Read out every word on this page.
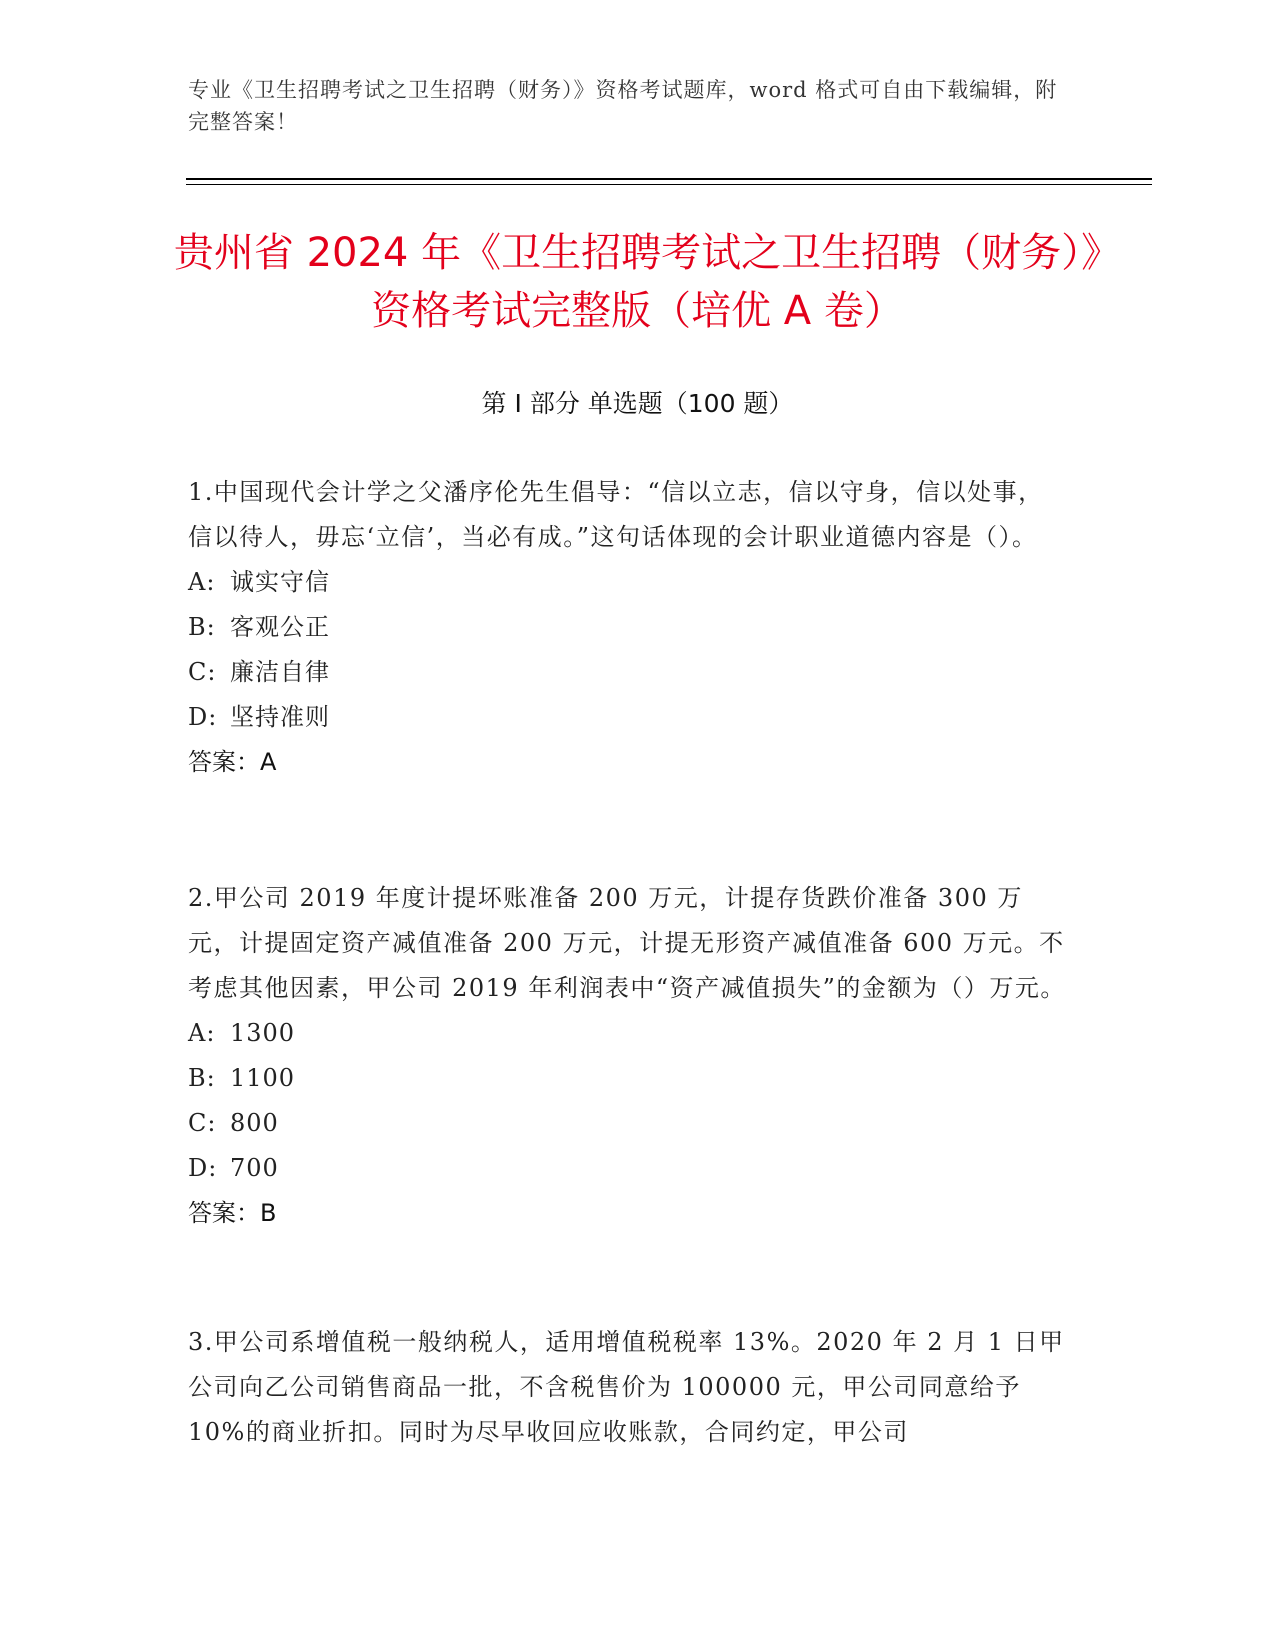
专业《卫生招聘考试之卫生招聘（财务）》资格考试题库，word 格式可自由下载编辑，附完整答案！
贵州省 2024 年《卫生招聘考试之卫生招聘（财务）》资格考试完整版（培优 A 卷）
第 I 部分 单选题（100 题）
1.中国现代会计学之父潘序伦先生倡导：“信以立志，信以守身，信以处事，信以待人，毋忘‘立信’，当必有成。”这句话体现的会计职业道德内容是（）。
A: 诚实守信
B: 客观公正
C: 廉洁自律
D: 坚持准则
答案：A
2.甲公司 2019 年度计提坏账准备 200 万元，计提存货跌价准备 300 万元，计提固定资产减值准备 200 万元，计提无形资产减值准备 600 万元。不考虑其他因素，甲公司 2019 年利润表中“资产减值损失”的金额为（）万元。
A: 1300
B: 1100
C: 800
D: 700
答案：B
3.甲公司系增值税一般纳税人，适用增值税税率 13%。2020 年 2 月 1 日甲公司向乙公司销售商品一批，不含税售价为 100000 元，甲公司同意给予 10%的商业折扣。同时为尽早收回应收账款，合同约定，甲公司
